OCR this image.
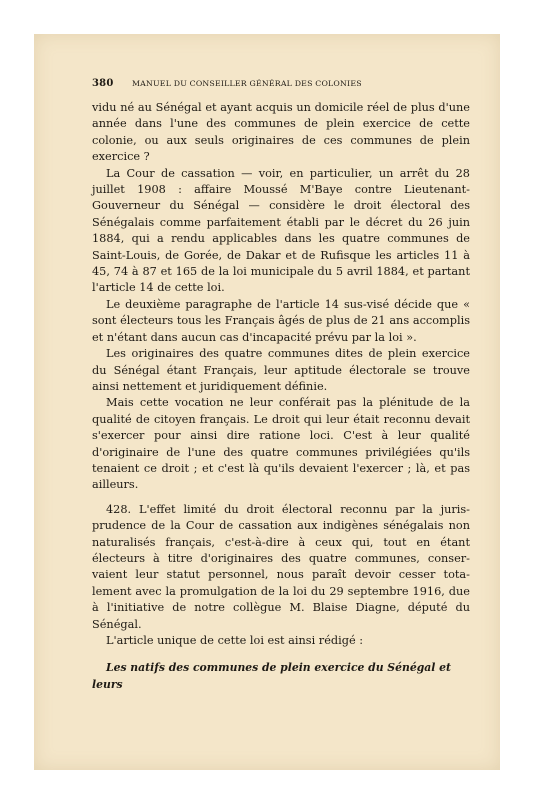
380	MANUEL DU CONSEILLER GÉNÉRAL DES COLONIES

vidu né au Sénégal et ayant acquis un domicile réel de plus d'une année dans l'une des communes de plein exercice de cette colonie, ou aux seuls originaires de ces communes de plein exercice ?

La Cour de cassation — voir, en particulier, un arrêt du 28 juillet 1908 : affaire Moussé M'Baye contre Lieutenant-Gouverneur du Sénégal — considère le droit électoral des Sénégalais comme parfaitement établi par le décret du 26 juin 1884, qui a rendu applicables dans les quatre communes de Saint-Louis, de Gorée, de Dakar et de Rufisque les articles 11 à 45, 74 à 87 et 165 de la loi municipale du 5 avril 1884, et partant l'article 14 de cette loi.

Le deuxième paragraphe de l'article 14 sus-visé décide que « sont électeurs tous les Français âgés de plus de 21 ans accomplis et n'étant dans aucun cas d'incapacité prévu par la loi ».

Les originaires des quatre communes dites de plein exercice du Sénégal étant Français, leur aptitude électorale se trouve ainsi nettement et juridiquement définie.

Mais cette vocation ne leur conférait pas la plénitude de la qualité de citoyen français. Le droit qui leur était reconnu devait s'exercer pour ainsi dire ratione loci. C'est à leur qualité d'originaire de l'une des quatre communes privilégiées qu'ils tenaient ce droit ; et c'est là qu'ils devaient l'exercer ; là, et pas ailleurs.

428. L'effet limité du droit électoral reconnu par la juris-prudence de la Cour de cassation aux indigènes sénégalais non naturalisés français, c'est-à-dire à ceux qui, tout en étant électeurs à titre d'originaires des quatre communes, conser-vaient leur statut personnel, nous paraît devoir cesser tota-lement avec la promulgation de la loi du 29 septembre 1916, due à l'initiative de notre collègue M. Blaise Diagne, député du Sénégal.

L'article unique de cette loi est ainsi rédigé :

Les natifs des communes de plein exercice du Sénégal et leurs
